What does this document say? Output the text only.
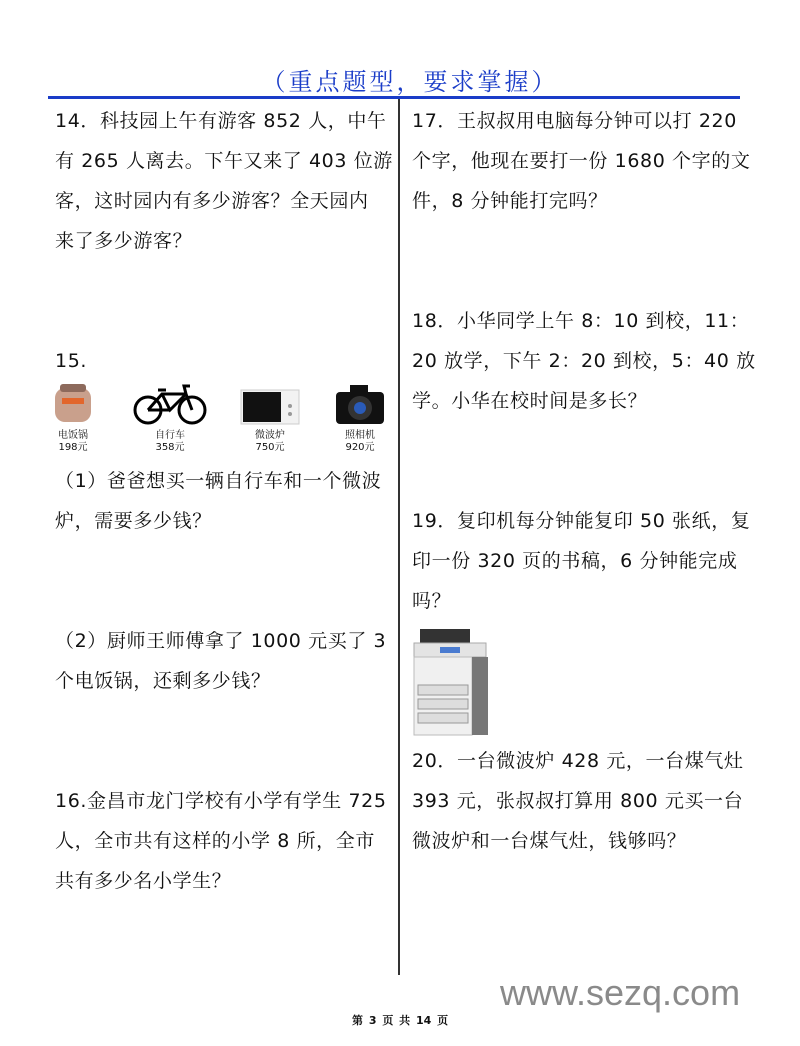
（重点题型，要求掌握）
14．科技园上午有游客 852 人，中午
有 265 人离去。下午又来了 403 位游
客，这时园内有多少游客？全天园内
来了多少游客？
15.
电饭锅
198元
自行车
358元
微波炉
750元
照相机
920元
（1）爸爸想买一辆自行车和一个微波
炉，需要多少钱？
（2）厨师王师傅拿了 1000 元买了 3
个电饭锅，还剩多少钱？
16.金昌市龙门学校有小学有学生 725
人，全市共有这样的小学 8 所，全市
共有多少名小学生？
17．王叔叔用电脑每分钟可以打 220
个字，他现在要打一份 1680 个字的文
件，8 分钟能打完吗？
18．小华同学上午 8：10 到校，11：
20 放学，下午 2：20 到校，5：40 放
学。小华在校时间是多长？
19．复印机每分钟能复印 50 张纸，复
印一份 320 页的书稿，6 分钟能完成
吗？
20．一台微波炉 428 元，一台煤气灶
393 元，张叔叔打算用 800 元买一台
微波炉和一台煤气灶，钱够吗？
www.sezq.com
第 3 页 共 14 页
